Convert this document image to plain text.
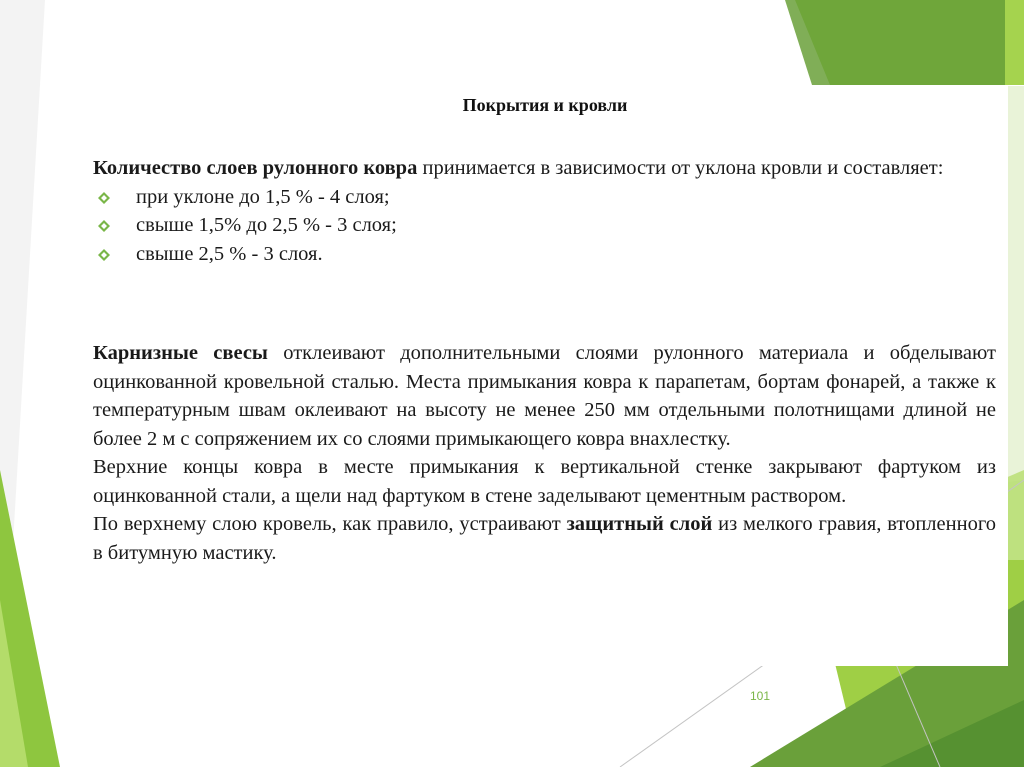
Покрытия и кровли

Количество слоев рулонного ковра принимается в зависимости от уклона кровли и составляет:

при уклоне до 1,5 % - 4 слоя;
свыше 1,5% до 2,5 % - 3 слоя;
свыше 2,5 % - 3 слоя.

Карнизные свесы отклеивают дополнительными слоями рулонного материала и обделывают оцинкованной кровельной сталью. Места примыкания ковра к парапетам, бортам фонарей, а также к температурным швам оклеивают на высоту не менее 250 мм отдельными полотнищами длиной не более 2 м с сопряжением их со слоями примыкающего ковра внахлестку.

Верхние концы ковра в месте примыкания к вертикальной стенке закрывают фартуком из оцинкованной стали, а щели над фартуком в стене заделывают цементным раствором.

По верхнему слою кровель, как правило, устраивают защитный слой из мелкого гравия, втопленного в битумную мастику.

101
